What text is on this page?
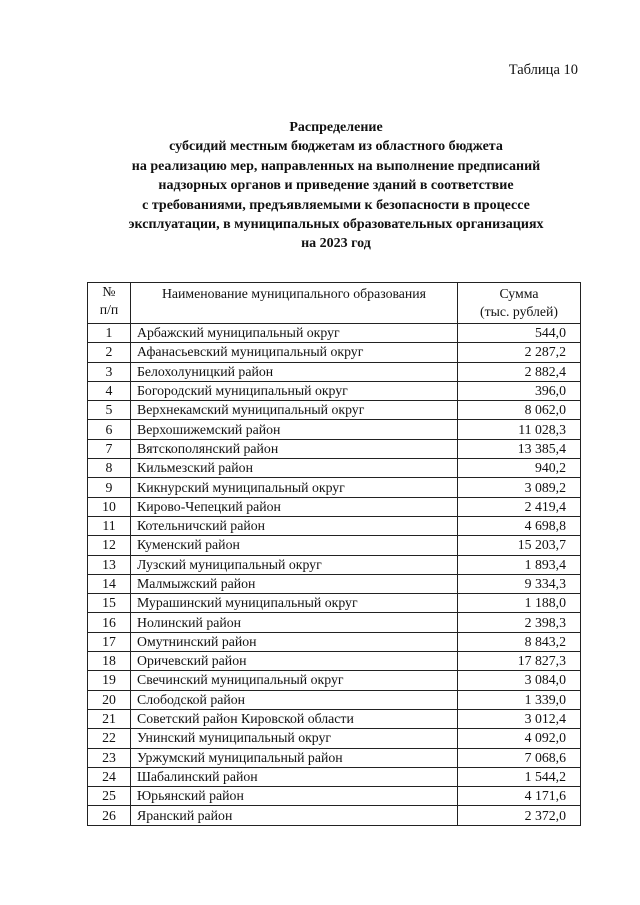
Таблица 10
Распределение
субсидий местным бюджетам из областного бюджета
на реализацию мер, направленных на выполнение предписаний
надзорных органов и приведение зданий в соответствие
с требованиями, предъявляемыми к безопасности в процессе
эксплуатации, в муниципальных образовательных организациях
на 2023 год
№
п/п	Наименование муниципального образования	Сумма
(тыс. рублей)
1	Арбажский муниципальный округ	544,0
2	Афанасьевский муниципальный округ	2 287,2
3	Белохолуницкий район	2 882,4
4	Богородский муниципальный округ	396,0
5	Верхнекамский муниципальный округ	8 062,0
6	Верхошижемский район	11 028,3
7	Вятскополянский район	13 385,4
8	Кильмезский район	940,2
9	Кикнурский муниципальный округ	3 089,2
10	Кирово-Чепецкий район	2 419,4
11	Котельничский район	4 698,8
12	Куменский район	15 203,7
13	Лузский муниципальный округ	1 893,4
14	Малмыжский район	9 334,3
15	Мурашинский муниципальный округ	1 188,0
16	Нолинский район	2 398,3
17	Омутнинский район	8 843,2
18	Оричевский район	17 827,3
19	Свечинский муниципальный округ	3 084,0
20	Слободской район	1 339,0
21	Советский район Кировской области	3 012,4
22	Унинский муниципальный округ	4 092,0
23	Уржумский муниципальный район	7 068,6
24	Шабалинский район	1 544,2
25	Юрьянский район	4 171,6
26	Яранский район	2 372,0
